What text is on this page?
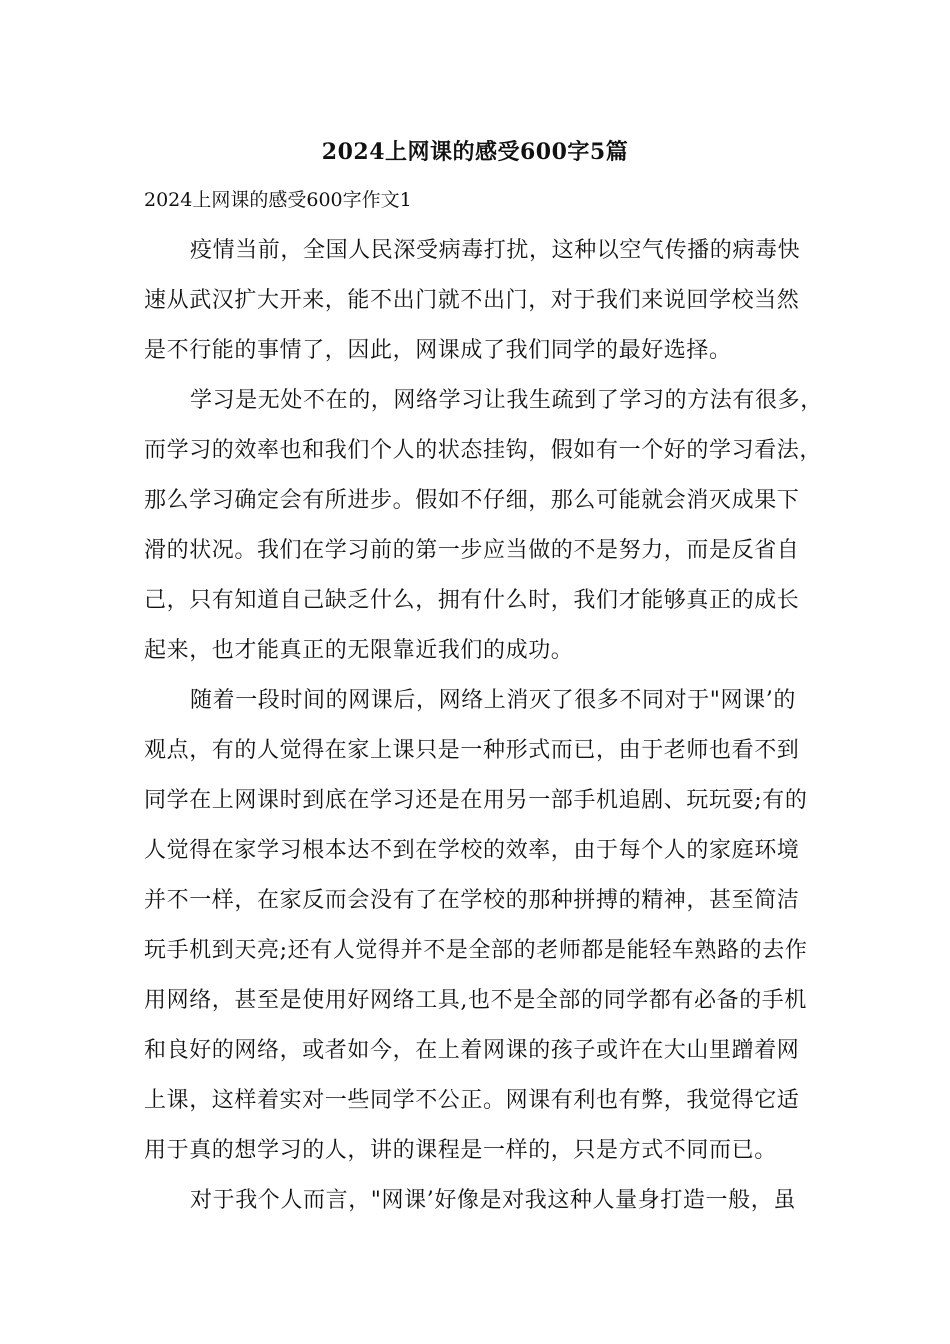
2024上网课的感受600字5篇
2024上网课的感受600字作文1
疫情当前，全国人民深受病毒打扰，这种以空气传播的病毒快
速从武汉扩大开来，能不出门就不出门，对于我们来说回学校当然
是不行能的事情了，因此，网课成了我们同学的最好选择。
学习是无处不在的，网络学习让我生疏到了学习的方法有很多，
而学习的效率也和我们个人的状态挂钩，假如有一个好的学习看法，
那么学习确定会有所进步。假如不仔细，那么可能就会消灭成果下
滑的状况。我们在学习前的第一步应当做的不是努力，而是反省自
己，只有知道自己缺乏什么，拥有什么时，我们才能够真正的成长
起来，也才能真正的无限靠近我们的成功。
随着一段时间的网课后，网络上消灭了很多不同对于"网课’的
观点，有的人觉得在家上课只是一种形式而已，由于老师也看不到
同学在上网课时到底在学习还是在用另一部手机追剧、玩玩耍;有的
人觉得在家学习根本达不到在学校的效率，由于每个人的家庭环境
并不一样，在家反而会没有了在学校的那种拼搏的精神，甚至简洁
玩手机到天亮;还有人觉得并不是全部的老师都是能轻车熟路的去作
用网络，甚至是使用好网络工具,也不是全部的同学都有必备的手机
和良好的网络，或者如今，在上着网课的孩子或许在大山里蹭着网
上课，这样着实对一些同学不公正。网课有利也有弊，我觉得它适
用于真的想学习的人，讲的课程是一样的，只是方式不同而已。
对于我个人而言，"网课’好像是对我这种人量身打造一般，虽
